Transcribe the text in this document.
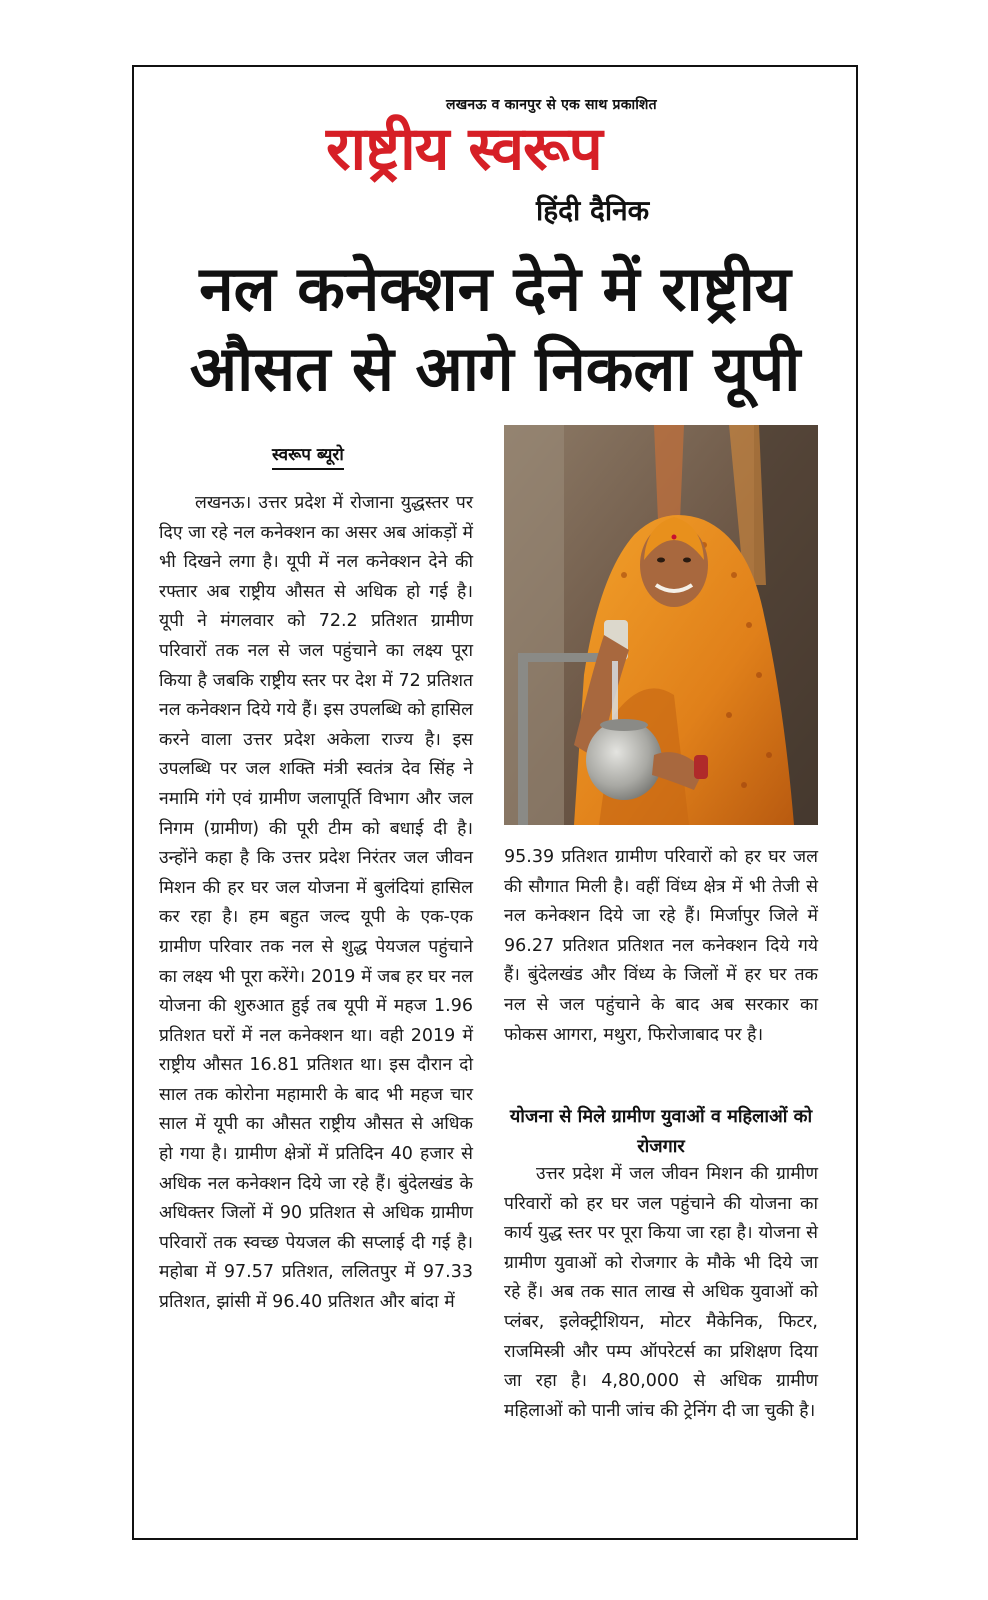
लखनऊ व कानपुर से एक साथ प्रकाशित
राष्ट्रीय स्वरूप
हिंदी दैनिक
नल कनेक्शन देने में राष्ट्रीय
औसत से आगे निकला यूपी
स्वरूप ब्यूरो
लखनऊ। उत्तर प्रदेश में रोजाना युद्धस्तर पर दिए जा रहे नल कनेक्शन का असर अब आंकड़ों में भी दिखने लगा है। यूपी में नल कनेक्शन देने की रफ्तार अब राष्ट्रीय औसत से अधिक हो गई है। यूपी ने मंगलवार को 72.2 प्रतिशत ग्रामीण परिवारों तक नल से जल पहुंचाने का लक्ष्य पूरा किया है जबकि राष्ट्रीय स्तर पर देश में 72 प्रतिशत नल कनेक्शन दिये गये हैं। इस उपलब्धि को हासिल करने वाला उत्तर प्रदेश अकेला राज्य है। इस उपलब्धि पर जल शक्ति मंत्री स्वतंत्र देव सिंह ने नमामि गंगे एवं ग्रामीण जलापूर्ति विभाग और जल निगम (ग्रामीण) की पूरी टीम को बधाई दी है। उन्होंने कहा है कि उत्तर प्रदेश निरंतर जल जीवन मिशन की हर घर जल योजना में बुलंदियां हासिल कर रहा है। हम बहुत जल्द यूपी के एक-एक ग्रामीण परिवार तक नल से शुद्ध पेयजल पहुंचाने का लक्ष्य भी पूरा करेंगे। 2019 में जब हर घर नल योजना की शुरुआत हुई तब यूपी में महज 1.96 प्रतिशत घरों में नल कनेक्शन था। वही 2019 में राष्ट्रीय औसत 16.81 प्रतिशत था। इस दौरान दो साल तक कोरोना महामारी के बाद भी महज चार साल में यूपी का औसत राष्ट्रीय औसत से अधिक हो गया है। ग्रामीण क्षेत्रों में प्रतिदिन 40 हजार से अधिक नल कनेक्शन दिये जा रहे हैं। बुंदेलखंड के अधिक्तर जिलों में 90 प्रतिशत से अधिक ग्रामीण परिवारों तक स्वच्छ पेयजल की सप्लाई दी गई है। महोबा में 97.57 प्रतिशत, ललितपुर में 97.33 प्रतिशत, झांसी में 96.40 प्रतिशत और बांदा में
95.39 प्रतिशत ग्रामीण परिवारों को हर घर जल की सौगात मिली है। वहीं विंध्य क्षेत्र में भी तेजी से नल कनेक्शन दिये जा रहे हैं। मिर्जापुर जिले में 96.27 प्रतिशत प्रतिशत नल कनेक्शन दिये गये हैं। बुंदेलखंड और विंध्य के जिलों में हर घर तक नल से जल पहुंचाने के बाद अब सरकार का फोकस आगरा, मथुरा, फिरोजाबाद पर है।
योजना से मिले ग्रामीण युवाओं व महिलाओं को रोजगार
उत्तर प्रदेश में जल जीवन मिशन की ग्रामीण परिवारों को हर घर जल पहुंचाने की योजना का कार्य युद्ध स्तर पर पूरा किया जा रहा है। योजना से ग्रामीण युवाओं को रोजगार के मौके भी दिये जा रहे हैं। अब तक सात लाख से अधिक युवाओं को प्लंबर, इलेक्ट्रीशियन, मोटर मैकेनिक, फिटर, राजमिस्त्री और पम्प ऑपरेटर्स का प्रशिक्षण दिया जा रहा है। 4,80,000 से अधिक ग्रामीण महिलाओं को पानी जांच की ट्रेनिंग दी जा चुकी है।
